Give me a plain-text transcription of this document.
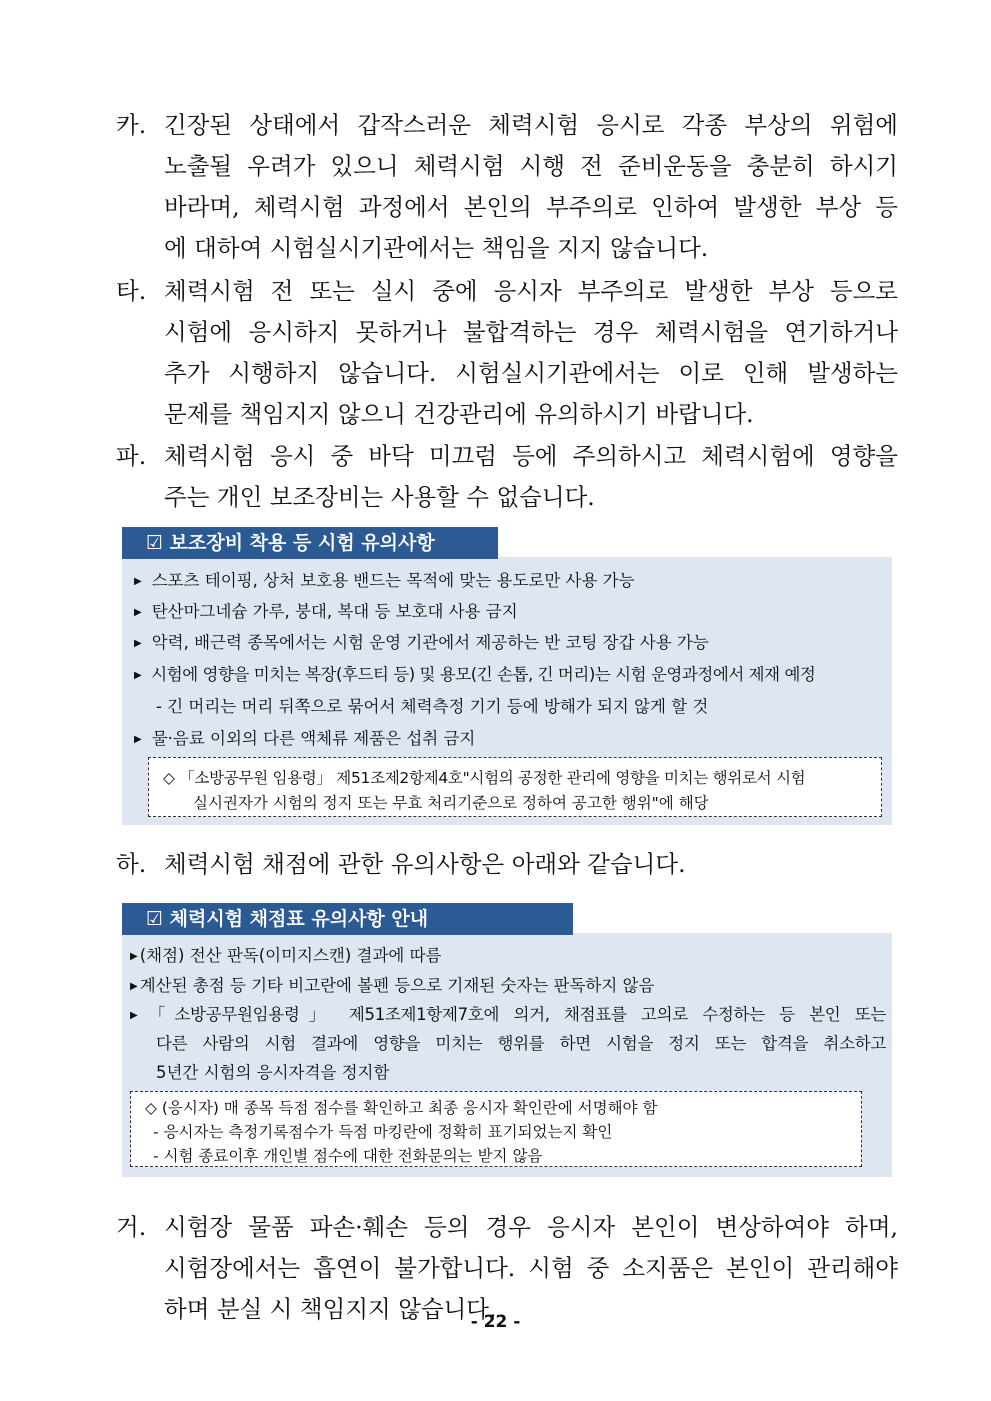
카. 긴장된 상태에서 갑작스러운 체력시험 응시로 각종 부상의 위험에
노출될 우려가 있으니 체력시험 시행 전 준비운동을 충분히 하시기
바라며, 체력시험 과정에서 본인의 부주의로 인하여 발생한 부상 등
에 대하여 시험실시기관에서는 책임을 지지 않습니다.
타. 체력시험 전 또는 실시 중에 응시자 부주의로 발생한 부상 등으로
시험에 응시하지 못하거나 불합격하는 경우 체력시험을 연기하거나
추가 시행하지 않습니다. 시험실시기관에서는 이로 인해 발생하는
문제를 책임지지 않으니 건강관리에 유의하시기 바랍니다.
파. 체력시험 응시 중 바닥 미끄럼 등에 주의하시고 체력시험에 영향을
주는 개인 보조장비는 사용할 수 없습니다.
▶ 스포츠 테이핑, 상처 보호용 밴드는 목적에 맞는 용도로만 사용 가능
▶ 탄산마그네슘 가루, 붕대, 복대 등 보호대 사용 금지
▶ 악력, 배근력 종목에서는 시험 운영 기관에서 제공하는 반 코팅 장갑 사용 가능
▶ 시험에 영향을 미치는 복장(후드티 등) 및 용모(긴 손톱, 긴 머리)는 시험 운영과정에서 제재 예정
- 긴 머리는 머리 뒤쪽으로 묶어서 체력측정 기기 등에 방해가 되지 않게 할 것
▶ 물·음료 이외의 다른 액체류 제품은 섭취 금지
◇ 「소방공무원 임용령」 제51조제2항제4호"시험의 공정한 관리에 영향을 미치는 행위로서 시험
실시권자가 시험의 정지 또는 무효 처리기준으로 정하여 공고한 행위"에 해당
☑ 보조장비 착용 등 시험 유의사항
하. 체력시험 채점에 관한 유의사항은 아래와 같습니다.
▶ (채점) 전산 판독(이미지스캔) 결과에 따름
▶ 계산된 총점 등 기타 비고란에 볼펜 등으로 기재된 숫자는 판독하지 않음
▶ 「소방공무원임용령」 제51조제1항제7호에 의거, 채점표를 고의로 수정하는 등 본인 또는
다른 사람의 시험 결과에 영향을 미치는 행위를 하면 시험을 정지 또는 합격을 취소하고
5년간 시험의 응시자격을 정지함
◇ (응시자) 매 종목 득점 점수를 확인하고 최종 응시자 확인란에 서명해야 함
- 응시자는 측정기록점수가 득점 마킹란에 정확히 표기되었는지 확인
- 시험 종료이후 개인별 점수에 대한 전화문의는 받지 않음
☑ 체력시험 채점표 유의사항 안내
거. 시험장 물품 파손·훼손 등의 경우 응시자 본인이 변상하여야 하며,
시험장에서는 흡연이 불가합니다. 시험 중 소지품은 본인이 관리해야
하며 분실 시 책임지지 않습니다.
- 22 -
